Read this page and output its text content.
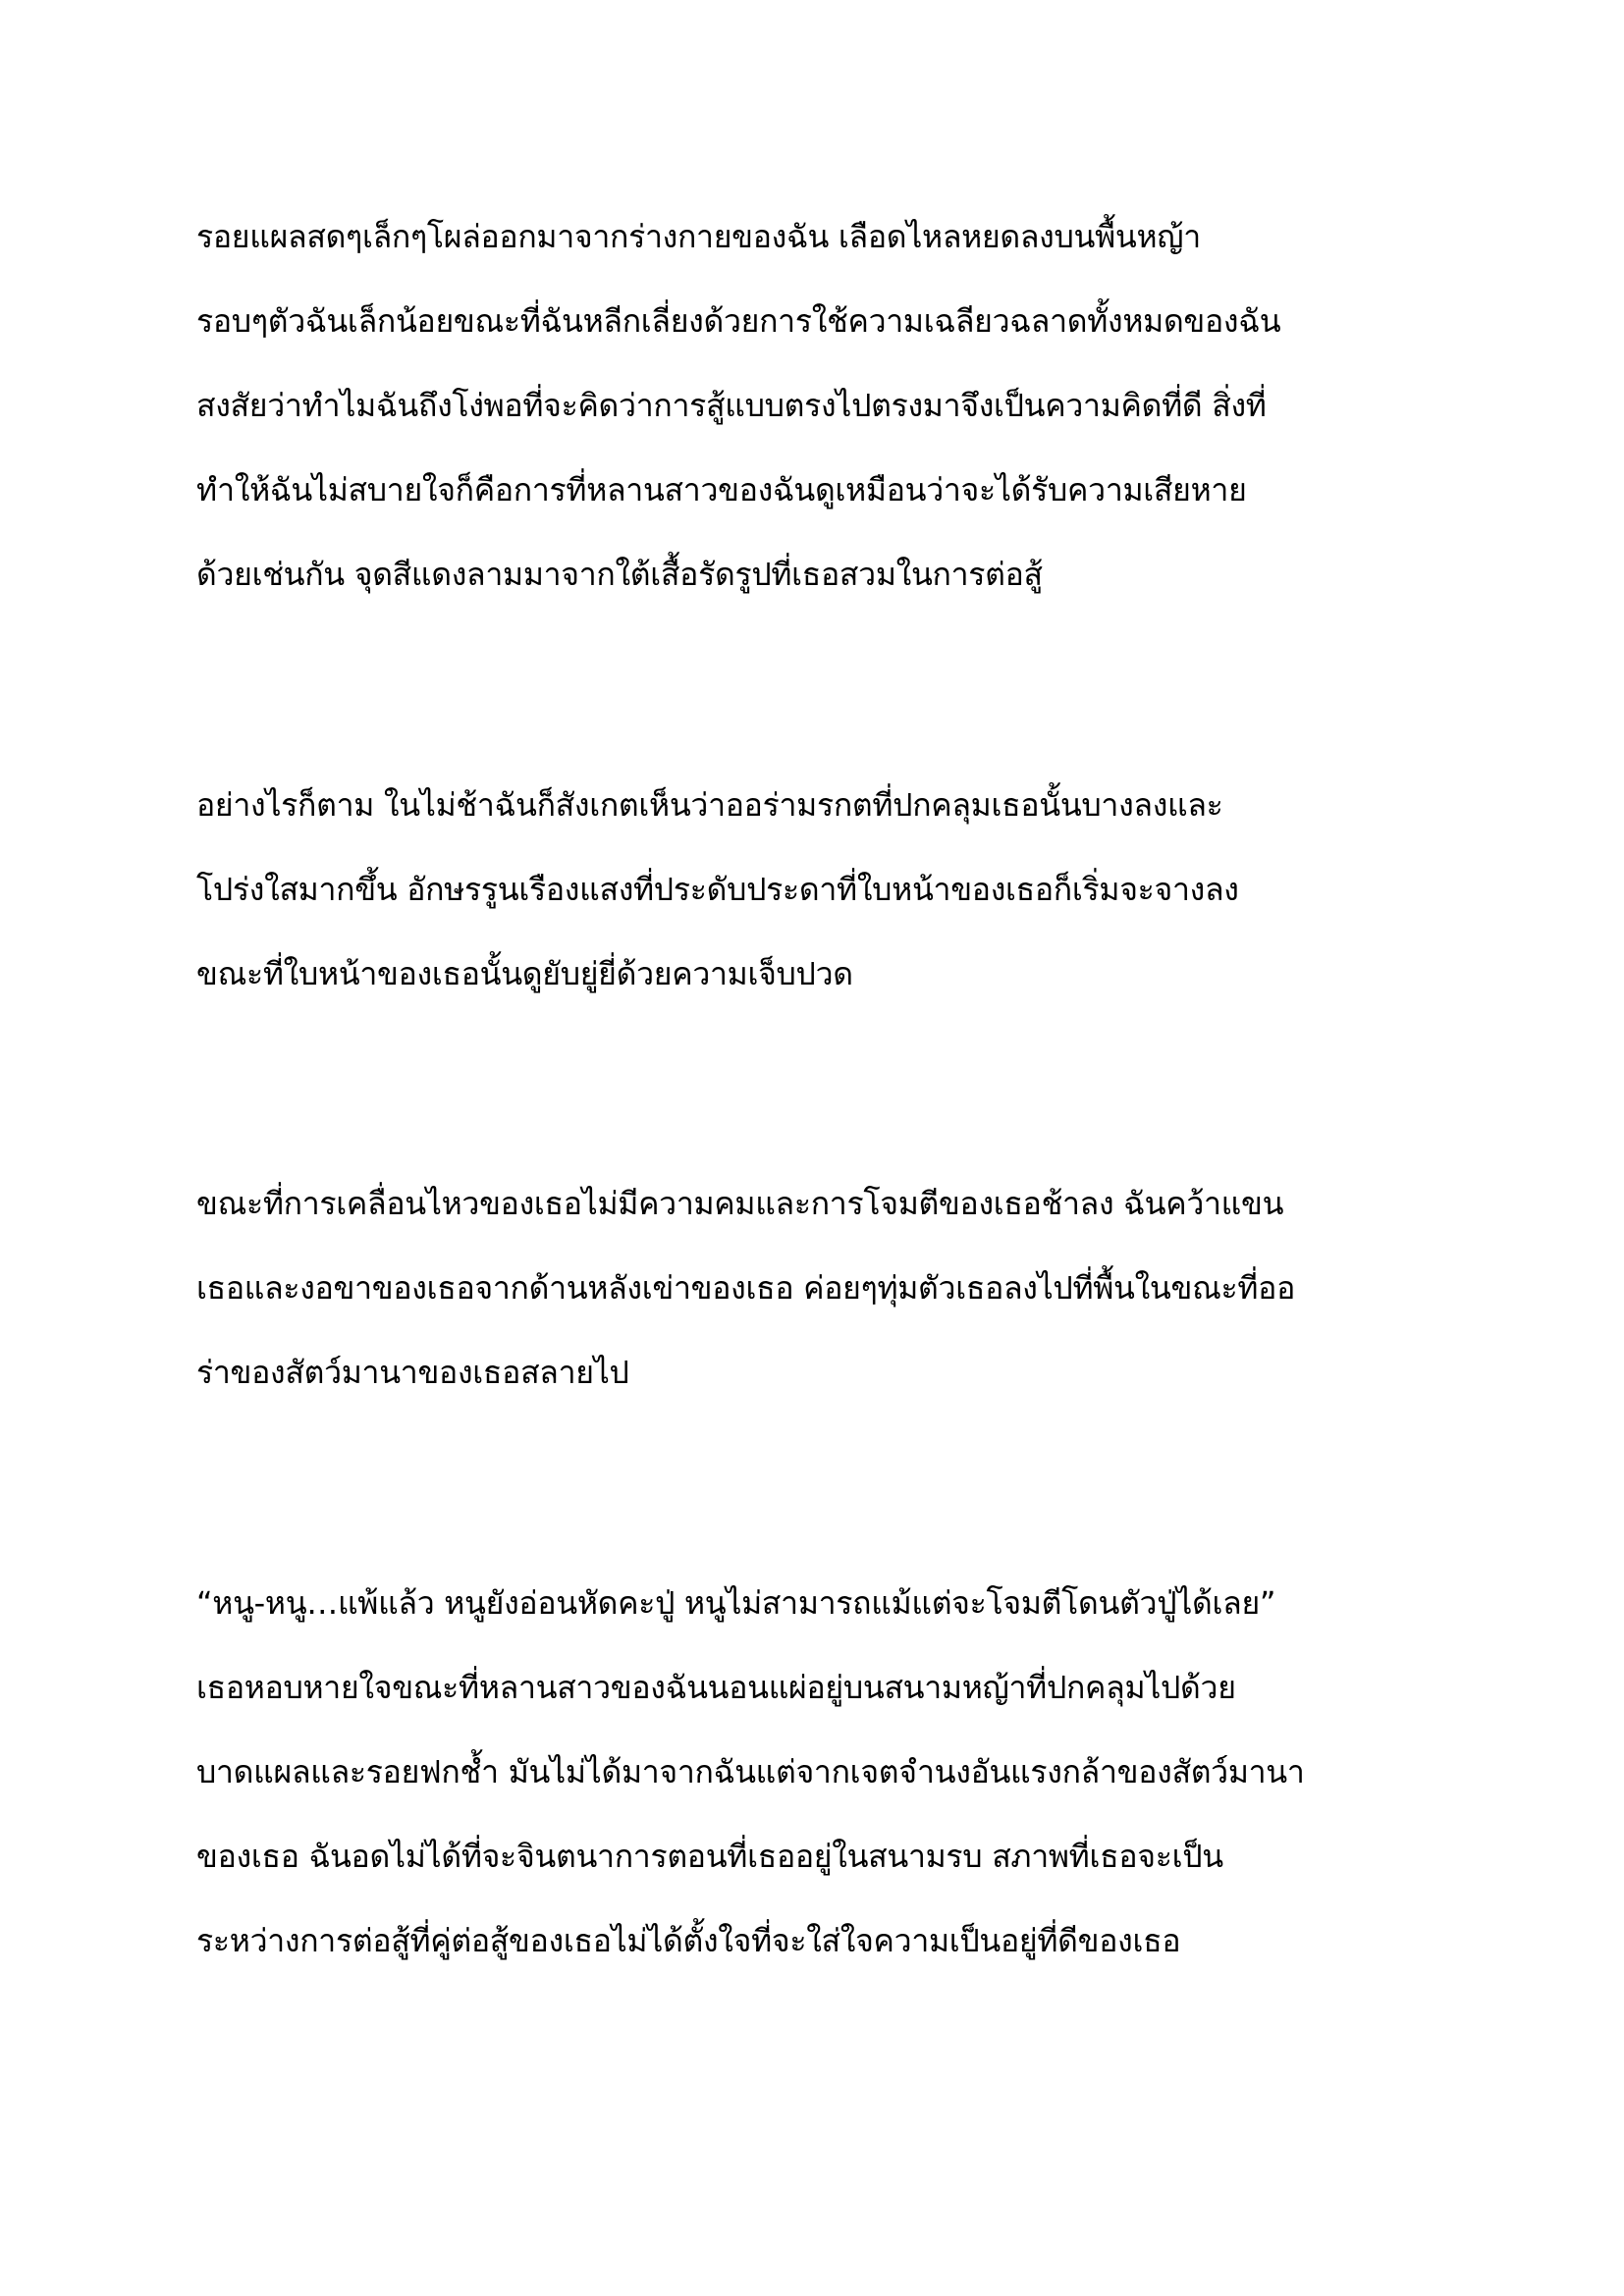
รอยแผลสดๆเล็กๆโผล่ออกมาจากร่างกายของฉัน เลือดไหลหยดลงบนพื้นหญ้า
รอบๆตัวฉันเล็กน้อยขณะที่ฉันหลีกเลี่ยงด้วยการใช้ความเฉลียวฉลาดทั้งหมดของฉัน
สงสัยว่าทำไมฉันถึงโง่พอที่จะคิดว่าการสู้แบบตรงไปตรงมาจึงเป็นความคิดที่ดี สิ่งที่
ทำให้ฉันไม่สบายใจก็คือการที่หลานสาวของฉันดูเหมือนว่าจะได้รับความเสียหาย
ด้วยเช่นกัน จุดสีแดงลามมาจากใต้เสื้อรัดรูปที่เธอสวมในการต่อสู้
อย่างไรก็ตาม ในไม่ช้าฉันก็สังเกตเห็นว่าออร่ามรกตที่ปกคลุมเธอนั้นบางลงและ
โปร่งใสมากขึ้น อักษรรูนเรืองแสงที่ประดับประดาที่ใบหน้าของเธอก็เริ่มจะจางลง
ขณะที่ใบหน้าของเธอนั้นดูยับยู่ยี่ด้วยความเจ็บปวด
ขณะที่การเคลื่อนไหวของเธอไม่มีความคมและการโจมตีของเธอช้าลง ฉันคว้าแขน
เธอและงอขาของเธอจากด้านหลังเข่าของเธอ ค่อยๆทุ่มตัวเธอลงไปที่พื้นในขณะที่ออ
ร่าของสัตว์มานาของเธอสลายไป
“หนู-หนู…แพ้แล้ว หนูยังอ่อนหัดคะปู่ หนูไม่สามารถแม้แต่จะโจมตีโดนตัวปู่ได้เลย”
เธอหอบหายใจขณะที่หลานสาวของฉันนอนแผ่อยู่บนสนามหญ้าที่ปกคลุมไปด้วย
บาดแผลและรอยฟกช้ำ มันไม่ได้มาจากฉันแต่จากเจตจำนงอันแรงกล้าของสัตว์มานา
ของเธอ ฉันอดไม่ได้ที่จะจินตนาการตอนที่เธออยู่ในสนามรบ สภาพที่เธอจะเป็น
ระหว่างการต่อสู้ที่คู่ต่อสู้ของเธอไม่ได้ตั้งใจที่จะใส่ใจความเป็นอยู่ที่ดีของเธอ
